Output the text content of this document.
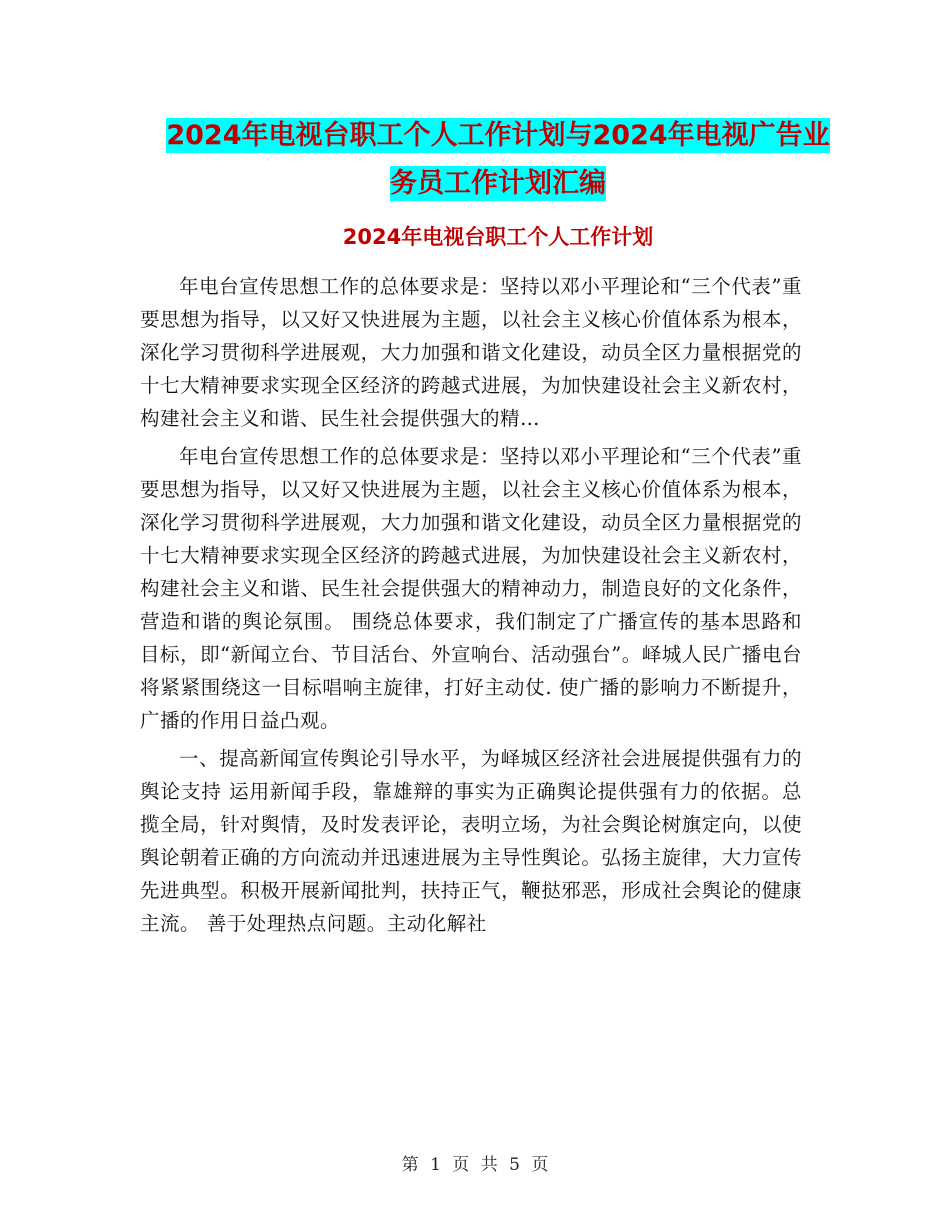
2024年电视台职工个人工作计划与2024年电视广告业
务员工作计划汇编
2024年电视台职工个人工作计划

年电台宣传思想工作的总体要求是：坚持以邓小平理论和“三个代表”重要思想为指导，以又好又快进展为主题，以社会主义核心价值体系为根本，深化学习贯彻科学进展观，大力加强和谐文化建设，动员全区力量根据党的十七大精神要求实现全区经济的跨越式进展，为加快建设社会主义新农村，构建社会主义和谐、民生社会提供强大的精…

年电台宣传思想工作的总体要求是：坚持以邓小平理论和“三个代表”重要思想为指导，以又好又快进展为主题，以社会主义核心价值体系为根本，深化学习贯彻科学进展观，大力加强和谐文化建设，动员全区力量根据党的十七大精神要求实现全区经济的跨越式进展，为加快建设社会主义新农村，构建社会主义和谐、民生社会提供强大的精神动力，制造良好的文化条件，营造和谐的舆论氛围。 围绕总体要求，我们制定了广播宣传的基本思路和目标，即“新闻立台、节目活台、外宣响台、活动强台”。峄城人民广播电台将紧紧围绕这一目标唱响主旋律，打好主动仗. 使广播的影响力不断提升，广播的作用日益凸观。

一、提高新闻宣传舆论引导水平，为峄城区经济社会进展提供强有力的舆论支持 运用新闻手段，靠雄辩的事实为正确舆论提供强有力的依据。总揽全局，针对舆情，及时发表评论，表明立场，为社会舆论树旗定向，以使舆论朝着正确的方向流动并迅速进展为主导性舆论。弘扬主旋律，大力宣传先进典型。积极开展新闻批判，扶持正气，鞭挞邪恶，形成社会舆论的健康主流。 善于处理热点问题。主动化解社

第 1 页 共 5 页
